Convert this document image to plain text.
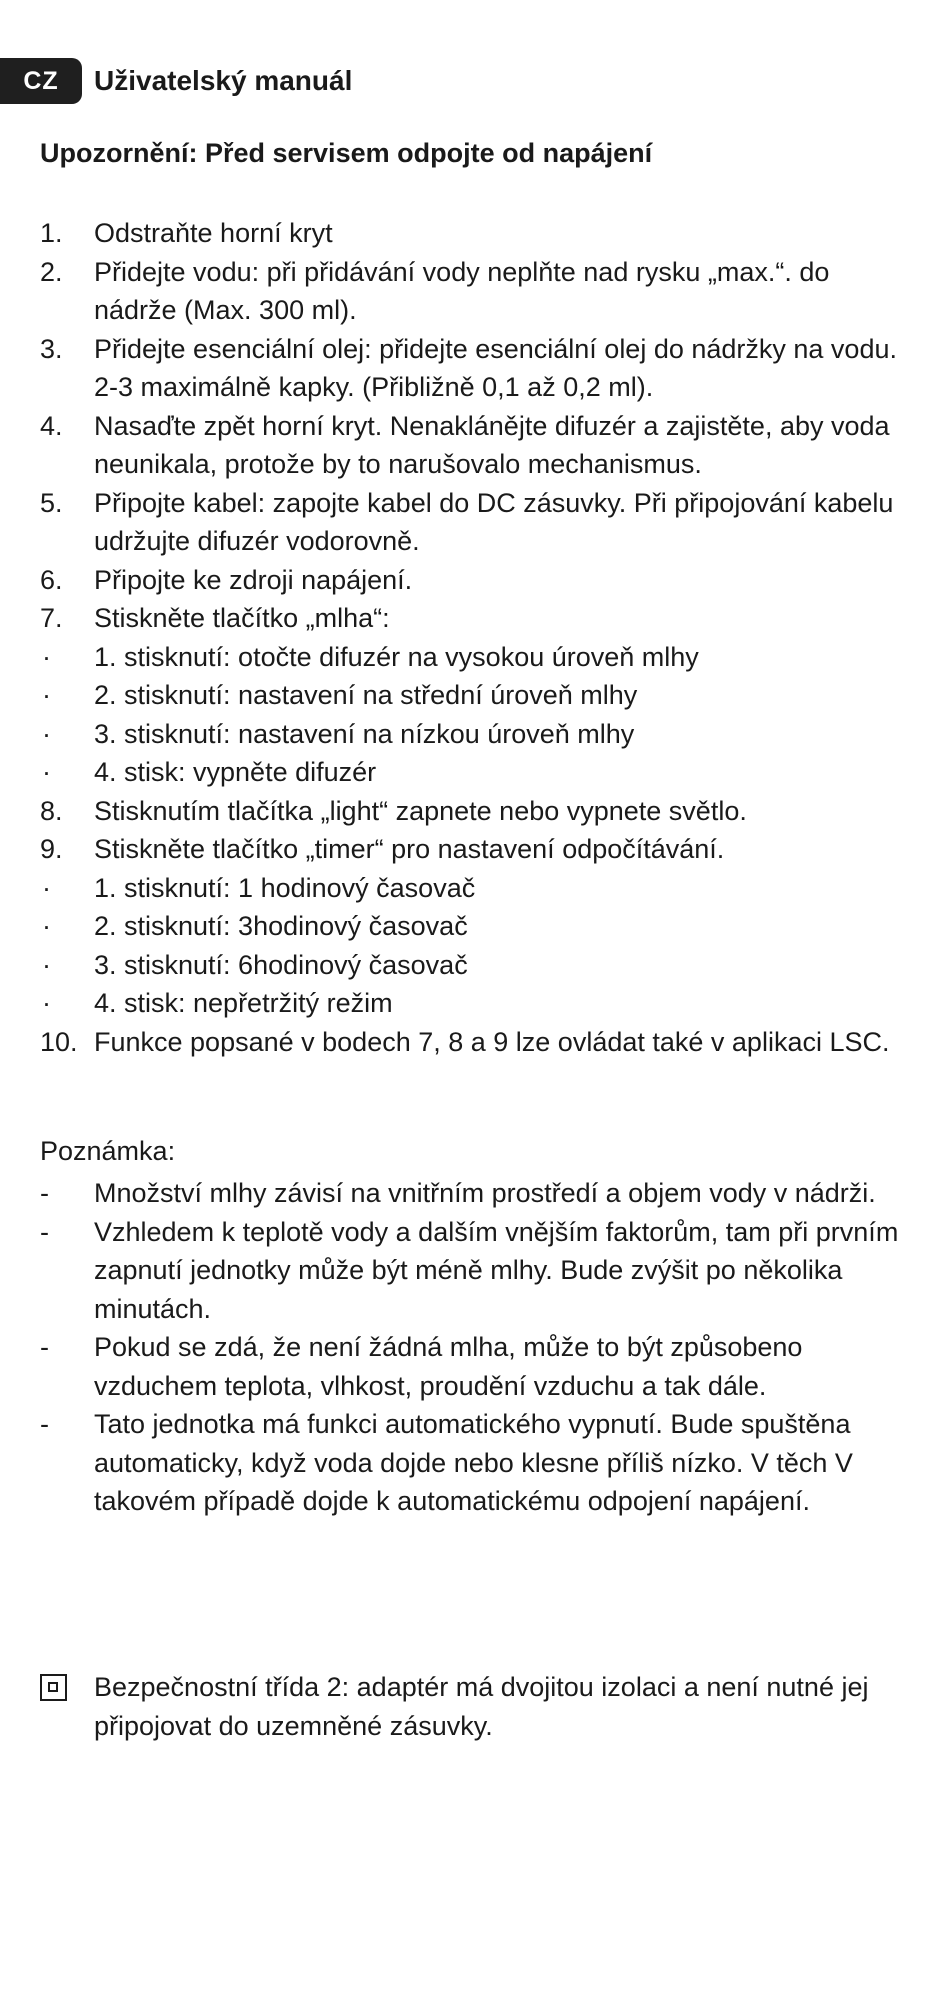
CZ	Uživatelský manuál
Upozornění: Před servisem odpojte od napájení
1.	Odstraňte horní kryt
2.	Přidejte vodu: při přidávání vody neplňte nad rysku „max.“. do nádrže (Max. 300 ml).
3.	Přidejte esenciální olej: přidejte esenciální olej do nádržky na vodu. 2-3 maximálně kapky. (Přibližně 0,1 až 0,2 ml).
4.	Nasaďte zpět horní kryt. Nenaklánějte difuzér a zajistěte, aby voda neunikala, protože by to narušovalo mechanismus.
5.	Připojte kabel: zapojte kabel do DC zásuvky. Při připojování kabelu udržujte difuzér vodorovně.
6.	Připojte ke zdroji napájení.
7.	Stiskněte tlačítko „mlha“:
·	1. stisknutí: otočte difuzér na vysokou úroveň mlhy
·	2. stisknutí: nastavení na střední úroveň mlhy
·	3. stisknutí: nastavení na nízkou úroveň mlhy
·	4. stisk: vypněte difuzér
8.	Stisknutím tlačítka „light“ zapnete nebo vypnete světlo.
9.	Stiskněte tlačítko „timer“ pro nastavení odpočítávání.
·	1. stisknutí: 1 hodinový časovač
·	2. stisknutí: 3hodinový časovač
·	3. stisknutí: 6hodinový časovač
·	4. stisk: nepřetržitý režim
10. Funkce popsané v bodech 7, 8 a 9 lze ovládat také v aplikaci LSC.
Poznámka:
-	Množství mlhy závisí na vnitřním prostředí a objem vody v nádrži.
-	Vzhledem k teplotě vody a dalším vnějším faktorům, tam při prvním zapnutí jednotky může být méně mlhy. Bude zvýšit po několika minutách.
-	Pokud se zdá, že není žádná mlha, může to být způsobeno vzduchem teplota, vlhkost, proudění vzduchu a tak dále.
-	Tato jednotka má funkci automatického vypnutí. Bude spuštěna automaticky, když voda dojde nebo klesne příliš nízko. V těch V takovém případě dojde k automatickému odpojení napájení.
Bezpečnostní třída 2: adaptér má dvojitou izolaci a není nutné jej připojovat do uzemněné zásuvky.
